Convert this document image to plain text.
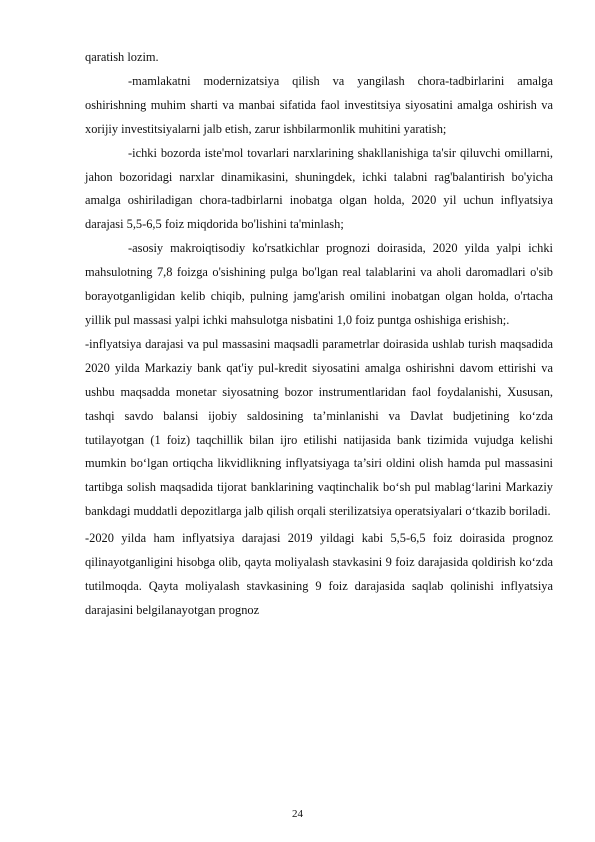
qaratish lozim.

-mamlakatni modernizatsiya qilish va yangilash chora-tadbirlarini amalga oshirishning muhim sharti va manbai sifatida faol investitsiya siyosatini amalga oshirish va xorijiy investitsiyalarni jalb etish, zarur ishbilarmonlik muhitini yaratish;

-ichki bozorda iste'mol tovarlari narxlarining shakllanishiga ta'sir qiluvchi omillarni, jahon bozoridagi narxlar dinamikasini, shuningdek, ichki talabni rag'balantirish bo'yicha amalga oshiriladigan chora-tadbirlarni inobatga olgan holda, 2020 yil uchun inflyatsiya darajasi 5,5-6,5 foiz miqdorida bo'lishini ta'minlash;

-asosiy makroiqtisodiy ko'rsatkichlar prognozi doirasida, 2020 yilda yalpi ichki mahsulotning 7,8 foizga o'sishining pulga bo'lgan real talablarini va aholi daromadlari o'sib borayotganligidan kelib chiqib, pulning jamg'arish omilini inobatgan olgan holda, o'rtacha yillik pul massasi yalpi ichki mahsulotga nisbatini 1,0 foiz puntga oshishiga erishish;.

-inflyatsiya darajasi va pul massasini maqsadli parametrlar doirasida ushlab turish maqsadida 2020 yilda Markaziy bank qat'iy pul-kredit siyosatini amalga oshirishni davom ettirishi va ushbu maqsadda monetar siyosatning bozor instrumentlaridan faol foydalanishi, Xususan, tashqi savdo balansi ijobiy saldosining ta’minlanishi va Davlat budjetining ko‘zda tutilayotgan (1 foiz) taqchillik bilan ijro etilishi natijasida bank tizimida vujudga kelishi mumkin bo‘lgan ortiqcha likvidlikning inflyatsiyaga ta’siri oldini olish hamda pul massasini tartibga solish maqsadida tijorat banklarining vaqtinchalik bo‘sh pul mablag‘larini Markaziy bankdagi muddatli depozitlarga jalb qilish orqali sterilizatsiya operatsiyalari o‘tkazib boriladi.

-2020 yilda ham inflyatsiya darajasi 2019 yildagi kabi 5,5-6,5 foiz doirasida prognoz qilinayotganligini hisobga olib, qayta moliyalash stavkasini 9 foiz darajasida qoldirish ko‘zda tutilmoqda. Qayta moliyalash stavkasining 9 foiz darajasida saqlab qolinishi inflyatsiya darajasini belgilanayotgan prognoz

24
